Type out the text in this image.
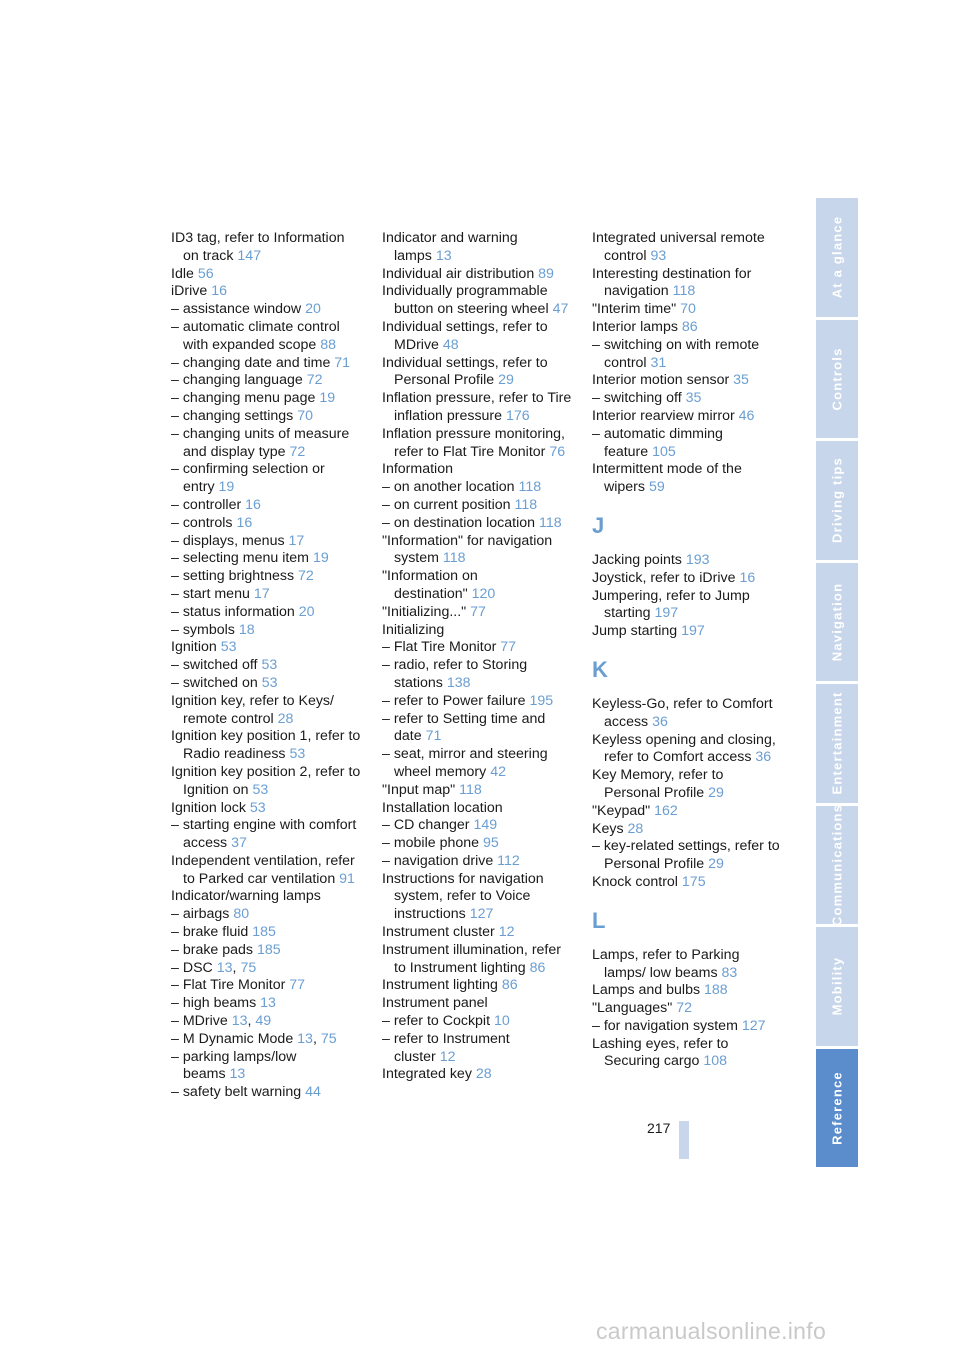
ID3 tag, refer to Information on track 147
Idle 56
iDrive 16
– assistance window 20
– automatic climate control with expanded scope 88
– changing date and time 71
– changing language 72
– changing menu page 19
– changing settings 70
– changing units of measure and display type 72
– confirming selection or entry 19
– controller 16
– controls 16
– displays, menus 17
– selecting menu item 19
– setting brightness 72
– start menu 17
– status information 20
– symbols 18
Ignition 53
– switched off 53
– switched on 53
Ignition key, refer to Keys/ remote control 28
Ignition key position 1, refer to Radio readiness 53
Ignition key position 2, refer to Ignition on 53
Ignition lock 53
– starting engine with comfort access 37
Independent ventilation, refer to Parked car ventilation 91
Indicator/warning lamps
– airbags 80
– brake fluid 185
– brake pads 185
– DSC 13, 75
– Flat Tire Monitor 77
– high beams 13
– MDrive 13, 49
– M Dynamic Mode 13, 75
– parking lamps/low beams 13
– safety belt warning 44
Indicator and warning lamps 13
Individual air distribution 89
Individually programmable button on steering wheel 47
Individual settings, refer to MDrive 48
Individual settings, refer to Personal Profile 29
Inflation pressure, refer to Tire inflation pressure 176
Inflation pressure monitoring, refer to Flat Tire Monitor 76
Information
– on another location 118
– on current position 118
– on destination location 118
"Information" for navigation system 118
"Information on destination" 120
"Initializing..." 77
Initializing
– Flat Tire Monitor 77
– radio, refer to Storing stations 138
– refer to Power failure 195
– refer to Setting time and date 71
– seat, mirror and steering wheel memory 42
"Input map" 118
Installation location
– CD changer 149
– mobile phone 95
– navigation drive 112
Instructions for navigation system, refer to Voice instructions 127
Instrument cluster 12
Instrument illumination, refer to Instrument lighting 86
Instrument lighting 86
Instrument panel
– refer to Cockpit 10
– refer to Instrument cluster 12
Integrated key 28
Integrated universal remote control 93
Interesting destination for navigation 118
"Interim time" 70
Interior lamps 86
– switching on with remote control 31
Interior motion sensor 35
– switching off 35
Interior rearview mirror 46
– automatic dimming feature 105
Intermittent mode of the wipers 59
J
Jacking points 193
Joystick, refer to iDrive 16
Jumpering, refer to Jump starting 197
Jump starting 197
K
Keyless-Go, refer to Comfort access 36
Keyless opening and closing, refer to Comfort access 36
Key Memory, refer to Personal Profile 29
"Keypad" 162
Keys 28
– key-related settings, refer to Personal Profile 29
Knock control 175
L
Lamps, refer to Parking lamps/ low beams 83
Lamps and bulbs 188
"Languages" 72
– for navigation system 127
Lashing eyes, refer to Securing cargo 108
At a glance
Controls
Driving tips
Navigation
Entertainment
Communications
Mobility
Reference
217
carmanualsonline.info
